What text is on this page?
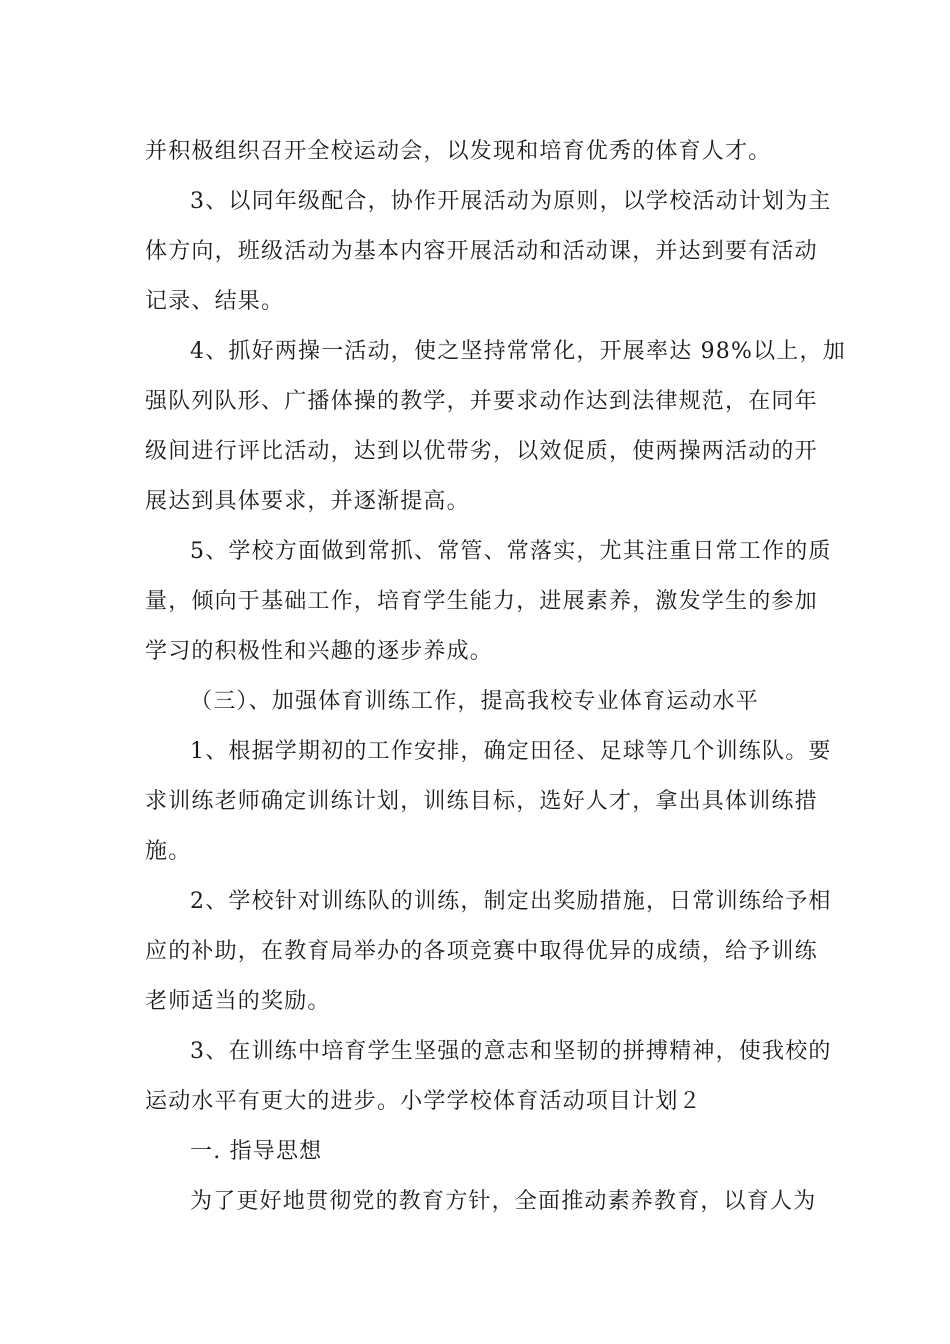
并积极组织召开全校运动会，以发现和培育优秀的体育人才。

3、以同年级配合，协作开展活动为原则，以学校活动计划为主

体方向，班级活动为基本内容开展活动和活动课，并达到要有活动

记录、结果。

4、抓好两操一活动，使之坚持常常化，开展率达 98%以上，加

强队列队形、广播体操的教学，并要求动作达到法律规范，在同年

级间进行评比活动，达到以优带劣，以效促质，使两操两活动的开

展达到具体要求，并逐渐提高。

5、学校方面做到常抓、常管、常落实，尤其注重日常工作的质

量，倾向于基础工作，培育学生能力，进展素养，激发学生的参加

学习的积极性和兴趣的逐步养成。

（三）、加强体育训练工作，提高我校专业体育运动水平

1、根据学期初的工作安排，确定田径、足球等几个训练队。要

求训练老师确定训练计划，训练目标，选好人才，拿出具体训练措

施。

2、学校针对训练队的训练，制定出奖励措施，日常训练给予相

应的补助，在教育局举办的各项竞赛中取得优异的成绩，给予训练

老师适当的奖励。

3、在训练中培育学生坚强的意志和坚韧的拼搏精神，使我校的

运动水平有更大的进步。小学学校体育活动项目计划２

一. 指导思想

为了更好地贯彻党的教育方针，全面推动素养教育，以育人为
